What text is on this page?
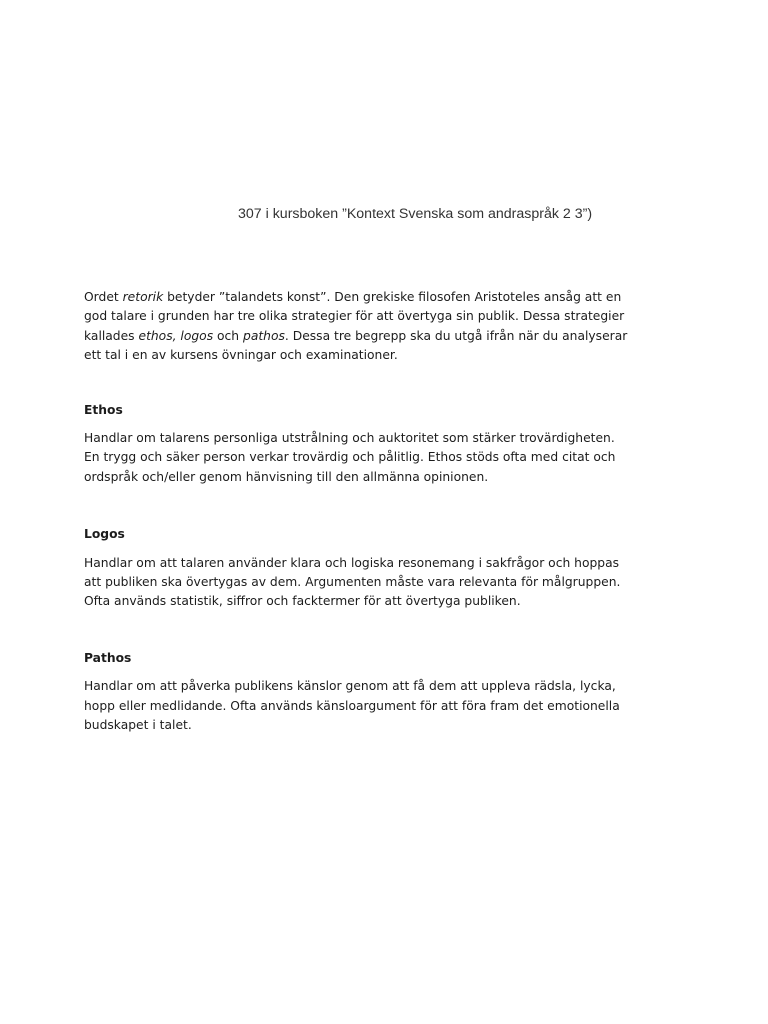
307 i kursboken ”Kontext Svenska som andraspråk 2 3”)

Ordet retorik betyder ”talandets konst”. Den grekiske filosofen Aristoteles ansåg att en god talare i grunden har tre olika strategier för att övertyga sin publik. Dessa strategier kallades ethos, logos och pathos. Dessa tre begrepp ska du utgå ifrån när du analyserar ett tal i en av kursens övningar och examinationer.

Ethos

Handlar om talarens personliga utstrålning och auktoritet som stärker trovärdigheten. En trygg och säker person verkar trovärdig och pålitlig. Ethos stöds ofta med citat och ordspråk och/eller genom hänvisning till den allmänna opinionen.

Logos

Handlar om att talaren använder klara och logiska resonemang i sakfrågor och hoppas att publiken ska övertygas av dem. Argumenten måste vara relevanta för målgruppen. Ofta används statistik, siffror och facktermer för att övertyga publiken.

Pathos

Handlar om att påverka publikens känslor genom att få dem att uppleva rädsla, lycka, hopp eller medlidande. Ofta används känsloargument för att föra fram det emotionella budskapet i talet.
